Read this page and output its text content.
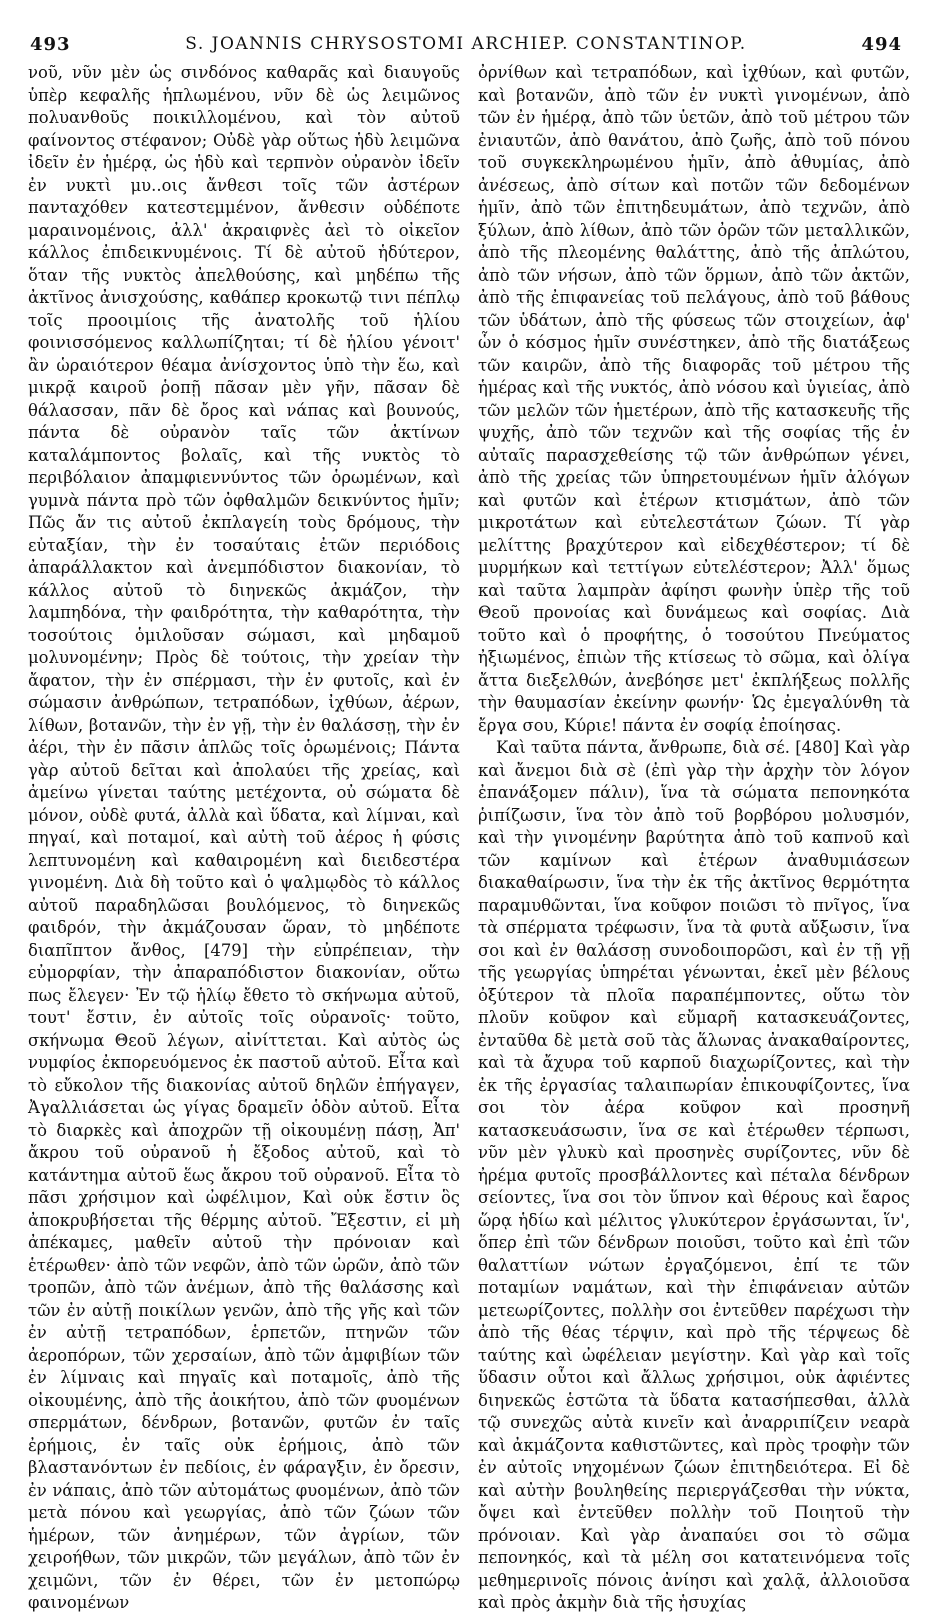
493	S. JOANNIS CHRYSOSTOMI ARCHIEP. CONSTANTINOP.	494

νοῦ, νῦν μὲν ὡς σινδόνος καθαρᾶς καὶ διαυγοῦς ὑπὲρ κεφαλῆς ἡπλωμένου, νῦν δὲ ὡς λειμῶνος πολυανθοῦς ποικιλλομένου, καὶ τὸν αὐτοῦ φαίνοντος στέφανον; Οὐδὲ γὰρ οὕτως ἡδὺ λειμῶνα ἰδεῖν ἐν ἡμέρᾳ, ὡς ἡδὺ καὶ τερπνὸν οὐρανὸν ἰδεῖν ἐν νυκτὶ μυ..οις ἄνθεσι τοῖς τῶν ἀστέρων πανταχόθεν κατεστεμμένον, ἄνθεσιν οὐδέποτε μαραινομένοις, ἀλλ' ἀκραιφνὲς ἀεὶ τὸ οἰκεῖον κάλλος ἐπιδεικνυμένοις. Τί δὲ αὐτοῦ ἡδύτερον, ὅταν τῆς νυκτὸς ἀπελθούσης, καὶ μηδέπω τῆς ἀκτῖνος ἀνισχούσης, καθάπερ κροκωτῷ τινι πέπλῳ τοῖς προοιμίοις τῆς ἀνατολῆς τοῦ ἡλίου φοινισσόμενος καλλωπίζηται; τί δὲ ἡλίου γένοιτ' ἂν ὡραιότερον θέαμα ἀνίσχοντος ὑπὸ τὴν ἕω, καὶ μικρᾷ καιροῦ ῥοπῇ πᾶσαν μὲν γῆν, πᾶσαν δὲ θάλασσαν, πᾶν δὲ ὄρος καὶ νάπας καὶ βουνούς, πάντα δὲ οὐρανὸν ταῖς τῶν ἀκτίνων καταλάμποντος βολαῖς, καὶ τῆς νυκτὸς τὸ περιβόλαιον ἀπαμφιεννύντος τῶν ὁρωμένων, καὶ γυμνὰ πάντα πρὸ τῶν ὀφθαλμῶν δεικνύντος ἡμῖν; Πῶς ἄν τις αὐτοῦ ἐκπλαγείη τοὺς δρόμους, τὴν εὐταξίαν, τὴν ἐν τοσαύταις ἐτῶν περιόδοις ἀπαράλλακτον καὶ ἀνεμπόδιστον διακονίαν, τὸ κάλλος αὐτοῦ τὸ διηνεκῶς ἀκμάζον, τὴν λαμπηδόνα, τὴν φαιδρότητα, τὴν καθαρότητα, τὴν τοσούτοις ὁμιλοῦσαν σώμασι, καὶ μηδαμοῦ μολυνομένην; Πρὸς δὲ τούτοις, τὴν χρείαν τὴν ἄφατον, τὴν ἐν σπέρμασι, τὴν ἐν φυτοῖς, καὶ ἐν σώμασιν ἀνθρώπων, τετραπόδων, ἰχθύων, ἀέρων, λίθων, βοτανῶν, τὴν ἐν γῇ, τὴν ἐν θαλάσσῃ, τὴν ἐν ἀέρι, τὴν ἐν πᾶσιν ἁπλῶς τοῖς ὁρωμένοις; Πάντα γὰρ αὐτοῦ δεῖται καὶ ἀπολαύει τῆς χρείας, καὶ ἀμείνω γίνεται ταύτης μετέχοντα, οὐ σώματα δὲ μόνον, οὐδὲ φυτά, ἀλλὰ καὶ ὕδατα, καὶ λίμναι, καὶ πηγαί, καὶ ποταμοί, καὶ αὐτὴ τοῦ ἀέρος ἡ φύσις λεπτυνομένη καὶ καθαιρομένη καὶ διειδεστέρα γινομένη. Διὰ δὴ τοῦτο καὶ ὁ ψαλμῳδὸς τὸ κάλλος αὐτοῦ παραδηλῶσαι βουλόμενος, τὸ διηνεκῶς φαιδρόν, τὴν ἀκμάζουσαν ὥραν, τὸ μηδέποτε διαπῖπτον ἄνθος, [479] τὴν εὐπρέπειαν, τὴν εὐμορφίαν, τὴν ἀπαραπόδιστον διακονίαν, οὕτω πως ἔλεγεν· Ἐν τῷ ἡλίῳ ἔθετο τὸ σκήνωμα αὐτοῦ, τουτ' ἔστιν, ἐν αὐτοῖς τοῖς οὐρανοῖς· τοῦτο, σκήνωμα Θεοῦ λέγων, αἰνίττεται. Καὶ αὐτὸς ὡς νυμφίος ἐκπορευόμενος ἐκ παστοῦ αὐτοῦ. Εἶτα καὶ τὸ εὔκολον τῆς διακονίας αὐτοῦ δηλῶν ἐπήγαγεν, Ἀγαλλιάσεται ὡς γίγας δραμεῖν ὁδὸν αὐτοῦ. Εἶτα τὸ διαρκὲς καὶ ἀποχρῶν τῇ οἰκουμένῃ πάσῃ, Ἀπ' ἄκρου τοῦ οὐρανοῦ ἡ ἔξοδος αὐτοῦ, καὶ τὸ κατάντημα αὐτοῦ ἕως ἄκρου τοῦ οὐρανοῦ. Εἶτα τὸ πᾶσι χρήσιμον καὶ ὠφέλιμον, Καὶ οὐκ ἔστιν ὃς ἀποκρυβήσεται τῆς θέρμης αὐτοῦ. Ἔξεστιν, εἰ μὴ ἀπέκαμες, μαθεῖν αὐτοῦ τὴν πρόνοιαν καὶ ἑτέρωθεν· ἀπὸ τῶν νεφῶν, ἀπὸ τῶν ὡρῶν, ἀπὸ τῶν τροπῶν, ἀπὸ τῶν ἀνέμων, ἀπὸ τῆς θαλάσσης καὶ τῶν ἐν αὐτῇ ποικίλων γενῶν, ἀπὸ τῆς γῆς καὶ τῶν ἐν αὐτῇ τετραπόδων, ἑρπετῶν, πτηνῶν τῶν ἀεροπόρων, τῶν χερσαίων, ἀπὸ τῶν ἀμφιβίων τῶν ἐν λίμναις καὶ πηγαῖς καὶ ποταμοῖς, ἀπὸ τῆς οἰκουμένης, ἀπὸ τῆς ἀοικήτου, ἀπὸ τῶν φυομένων σπερμάτων, δένδρων, βοτανῶν, φυτῶν ἐν ταῖς ἐρήμοις, ἐν ταῖς οὐκ ἐρήμοις, ἀπὸ τῶν βλαστανόντων ἐν πεδίοις, ἐν φάραγξιν, ἐν ὄρεσιν, ἐν νάπαις, ἀπὸ τῶν αὐτομάτως φυομένων, ἀπὸ τῶν μετὰ πόνου καὶ γεωργίας, ἀπὸ τῶν ζώων τῶν ἡμέρων, τῶν ἀνημέρων, τῶν ἀγρίων, τῶν χειροήθων, τῶν μικρῶν, τῶν μεγάλων, ἀπὸ τῶν ἐν χειμῶνι, τῶν ἐν θέρει, τῶν ἐν μετοπώρῳ φαινομένων

ὀρνίθων καὶ τετραπόδων, καὶ ἰχθύων, καὶ φυτῶν, καὶ βοτανῶν, ἀπὸ τῶν ἐν νυκτὶ γινομένων, ἀπὸ τῶν ἐν ἡμέρᾳ, ἀπὸ τῶν ὑετῶν, ἀπὸ τοῦ μέτρου τῶν ἐνιαυτῶν, ἀπὸ θανάτου, ἀπὸ ζωῆς, ἀπὸ τοῦ πόνου τοῦ συγκεκληρωμένου ἡμῖν, ἀπὸ ἀθυμίας, ἀπὸ ἀνέσεως, ἀπὸ σίτων καὶ ποτῶν τῶν δεδομένων ἡμῖν, ἀπὸ τῶν ἐπιτηδευμάτων, ἀπὸ τεχνῶν, ἀπὸ ξύλων, ἀπὸ λίθων, ἀπὸ τῶν ὀρῶν τῶν μεταλλικῶν, ἀπὸ τῆς πλεομένης θαλάττης, ἀπὸ τῆς ἀπλώτου, ἀπὸ τῶν νήσων, ἀπὸ τῶν ὅρμων, ἀπὸ τῶν ἀκτῶν, ἀπὸ τῆς ἐπιφανείας τοῦ πελάγους, ἀπὸ τοῦ βάθους τῶν ὑδάτων, ἀπὸ τῆς φύσεως τῶν στοιχείων, ἀφ' ὧν ὁ κόσμος ἡμῖν συνέστηκεν, ἀπὸ τῆς διατάξεως τῶν καιρῶν, ἀπὸ τῆς διαφορᾶς τοῦ μέτρου τῆς ἡμέρας καὶ τῆς νυκτός, ἀπὸ νόσου καὶ ὑγιείας, ἀπὸ τῶν μελῶν τῶν ἡμετέρων, ἀπὸ τῆς κατασκευῆς τῆς ψυχῆς, ἀπὸ τῶν τεχνῶν καὶ τῆς σοφίας τῆς ἐν αὐταῖς παρασχεθείσης τῷ τῶν ἀνθρώπων γένει, ἀπὸ τῆς χρείας τῶν ὑπηρετουμένων ἡμῖν ἀλόγων καὶ φυτῶν καὶ ἑτέρων κτισμάτων, ἀπὸ τῶν μικροτάτων καὶ εὐτελεστάτων ζώων. Τί γὰρ μελίττης βραχύτερον καὶ εἰδεχθέστερον; τί δὲ μυρμήκων καὶ τεττίγων εὐτελέστερον; Ἀλλ' ὅμως καὶ ταῦτα λαμπρὰν ἀφίησι φωνὴν ὑπὲρ τῆς τοῦ Θεοῦ προνοίας καὶ δυνάμεως καὶ σοφίας. Διὰ τοῦτο καὶ ὁ προφήτης, ὁ τοσούτου Πνεύματος ἠξιωμένος, ἐπιὼν τῆς κτίσεως τὸ σῶμα, καὶ ὀλίγα ἄττα διεξελθών, ἀνεβόησε μετ' ἐκπλήξεως πολλῆς τὴν θαυμασίαν ἐκείνην φωνήν· Ὡς ἐμεγαλύνθη τὰ ἔργα σου, Κύριε! πάντα ἐν σοφίᾳ ἐποίησας.

Καὶ ταῦτα πάντα, ἄνθρωπε, διὰ σέ. [480] Καὶ γὰρ καὶ ἄνεμοι διὰ σὲ (ἐπὶ γὰρ τὴν ἀρχὴν τὸν λόγον ἐπανάξομεν πάλιν), ἵνα τὰ σώματα πεπονηκότα ῥιπίζωσιν, ἵνα τὸν ἀπὸ τοῦ βορβόρου μολυσμόν, καὶ τὴν γινομένην βαρύτητα ἀπὸ τοῦ καπνοῦ καὶ τῶν καμίνων καὶ ἑτέρων ἀναθυμιάσεων διακαθαίρωσιν, ἵνα τὴν ἐκ τῆς ἀκτῖνος θερμότητα παραμυθῶνται, ἵνα κοῦφον ποιῶσι τὸ πνῖγος, ἵνα τὰ σπέρματα τρέφωσιν, ἵνα τὰ φυτὰ αὔξωσιν, ἵνα σοι καὶ ἐν θαλάσσῃ συνοδοιπορῶσι, καὶ ἐν τῇ γῇ τῆς γεωργίας ὑπηρέται γένωνται, ἐκεῖ μὲν βέλους ὀξύτερον τὰ πλοῖα παραπέμποντες, οὕτω τὸν πλοῦν κοῦφον καὶ εὔμαρῆ κατασκευάζοντες, ἐνταῦθα δὲ μετὰ σοῦ τὰς ἅλωνας ἀνακαθαίροντες, καὶ τὰ ἄχυρα τοῦ καρποῦ διαχωρίζοντες, καὶ τὴν ἐκ τῆς ἐργασίας ταλαιπωρίαν ἐπικουφίζοντες, ἵνα σοι τὸν ἀέρα κοῦφον καὶ προσηνῆ κατασκευάσωσιν, ἵνα σε καὶ ἑτέρωθεν τέρπωσι, νῦν μὲν γλυκὺ καὶ προσηνὲς συρίζοντες, νῦν δὲ ἠρέμα φυτοῖς προσβάλλοντες καὶ πέταλα δένδρων σείοντες, ἵνα σοι τὸν ὕπνον καὶ θέρους καὶ ἔαρος ὥρᾳ ἡδίω καὶ μέλιτος γλυκύτερον ἐργάσωνται, ἵν', ὅπερ ἐπὶ τῶν δένδρων ποιοῦσι, τοῦτο καὶ ἐπὶ τῶν θαλαττίων νώτων ἐργαζόμενοι, ἐπί τε τῶν ποταμίων ναμάτων, καὶ τὴν ἐπιφάνειαν αὐτῶν μετεωρίζοντες, πολλὴν σοι ἐντεῦθεν παρέχωσι τὴν ἀπὸ τῆς θέας τέρψιν, καὶ πρὸ τῆς τέρψεως δὲ ταύτης καὶ ὠφέλειαν μεγίστην. Καὶ γὰρ καὶ τοῖς ὕδασιν οὗτοι καὶ ἄλλως χρήσιμοι, οὐκ ἀφιέντες διηνεκῶς ἑστῶτα τὰ ὕδατα κατασήπεσθαι, ἀλλὰ τῷ συνεχῶς αὐτὰ κινεῖν καὶ ἀναρριπίζειν νεαρὰ καὶ ἀκμάζοντα καθιστῶντες, καὶ πρὸς τροφὴν τῶν ἐν αὐτοῖς νηχομένων ζώων ἐπιτηδειότερα. Εἰ δὲ καὶ αὐτὴν βουληθείης περιεργάζεσθαι τὴν νύκτα, ὄψει καὶ ἐντεῦθεν πολλὴν τοῦ Ποιητοῦ τὴν πρόνοιαν. Καὶ γὰρ ἀναπαύει σοι τὸ σῶμα πεπονηκός, καὶ τὰ μέλη σοι κατατεινόμενα τοῖς μεθημερινοῖς πόνοις ἀνίησι καὶ χαλᾷ, ἀλλοιοῦσα καὶ πρὸς ἀκμὴν διὰ τῆς ἡσυχίας
